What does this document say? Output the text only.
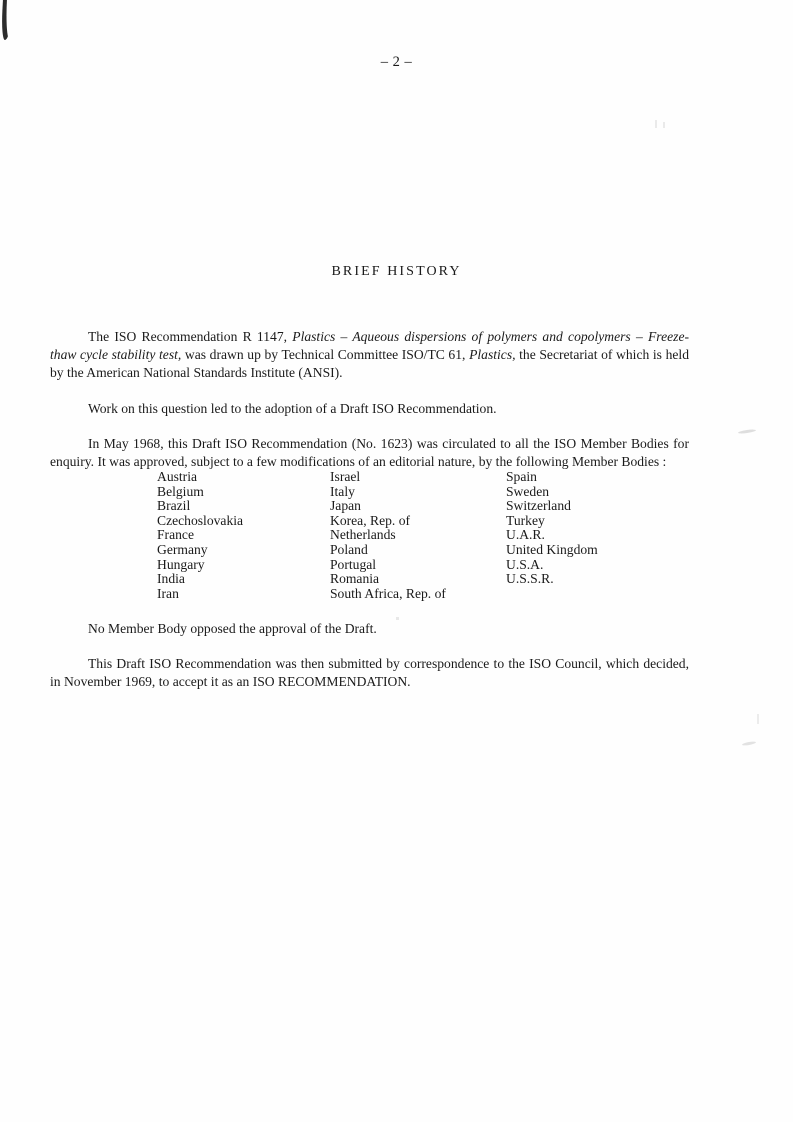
– 2 –
BRIEF HISTORY

The ISO Recommendation R 1147, Plastics – Aqueous dispersions of polymers and copolymers – Freeze-thaw cycle stability test, was drawn up by Technical Committee ISO/TC 61, Plastics, the Secretariat of which is held by the American National Standards Institute (ANSI).

Work on this question led to the adoption of a Draft ISO Recommendation.

In May 1968, this Draft ISO Recommendation (No. 1623) was circulated to all the ISO Member Bodies for enquiry. It was approved, subject to a few modifications of an editorial nature, by the following Member Bodies :

Austria
Belgium
Brazil
Czechoslovakia
France
Germany
Hungary
India
Iran
Israel
Italy
Japan
Korea, Rep. of
Netherlands
Poland
Portugal
Romania
South Africa, Rep. of
Spain
Sweden
Switzerland
Turkey
U.A.R.
United Kingdom
U.S.A.
U.S.S.R.

No Member Body opposed the approval of the Draft.

This Draft ISO Recommendation was then submitted by correspondence to the ISO Council, which decided, in November 1969, to accept it as an ISO RECOMMENDATION.
